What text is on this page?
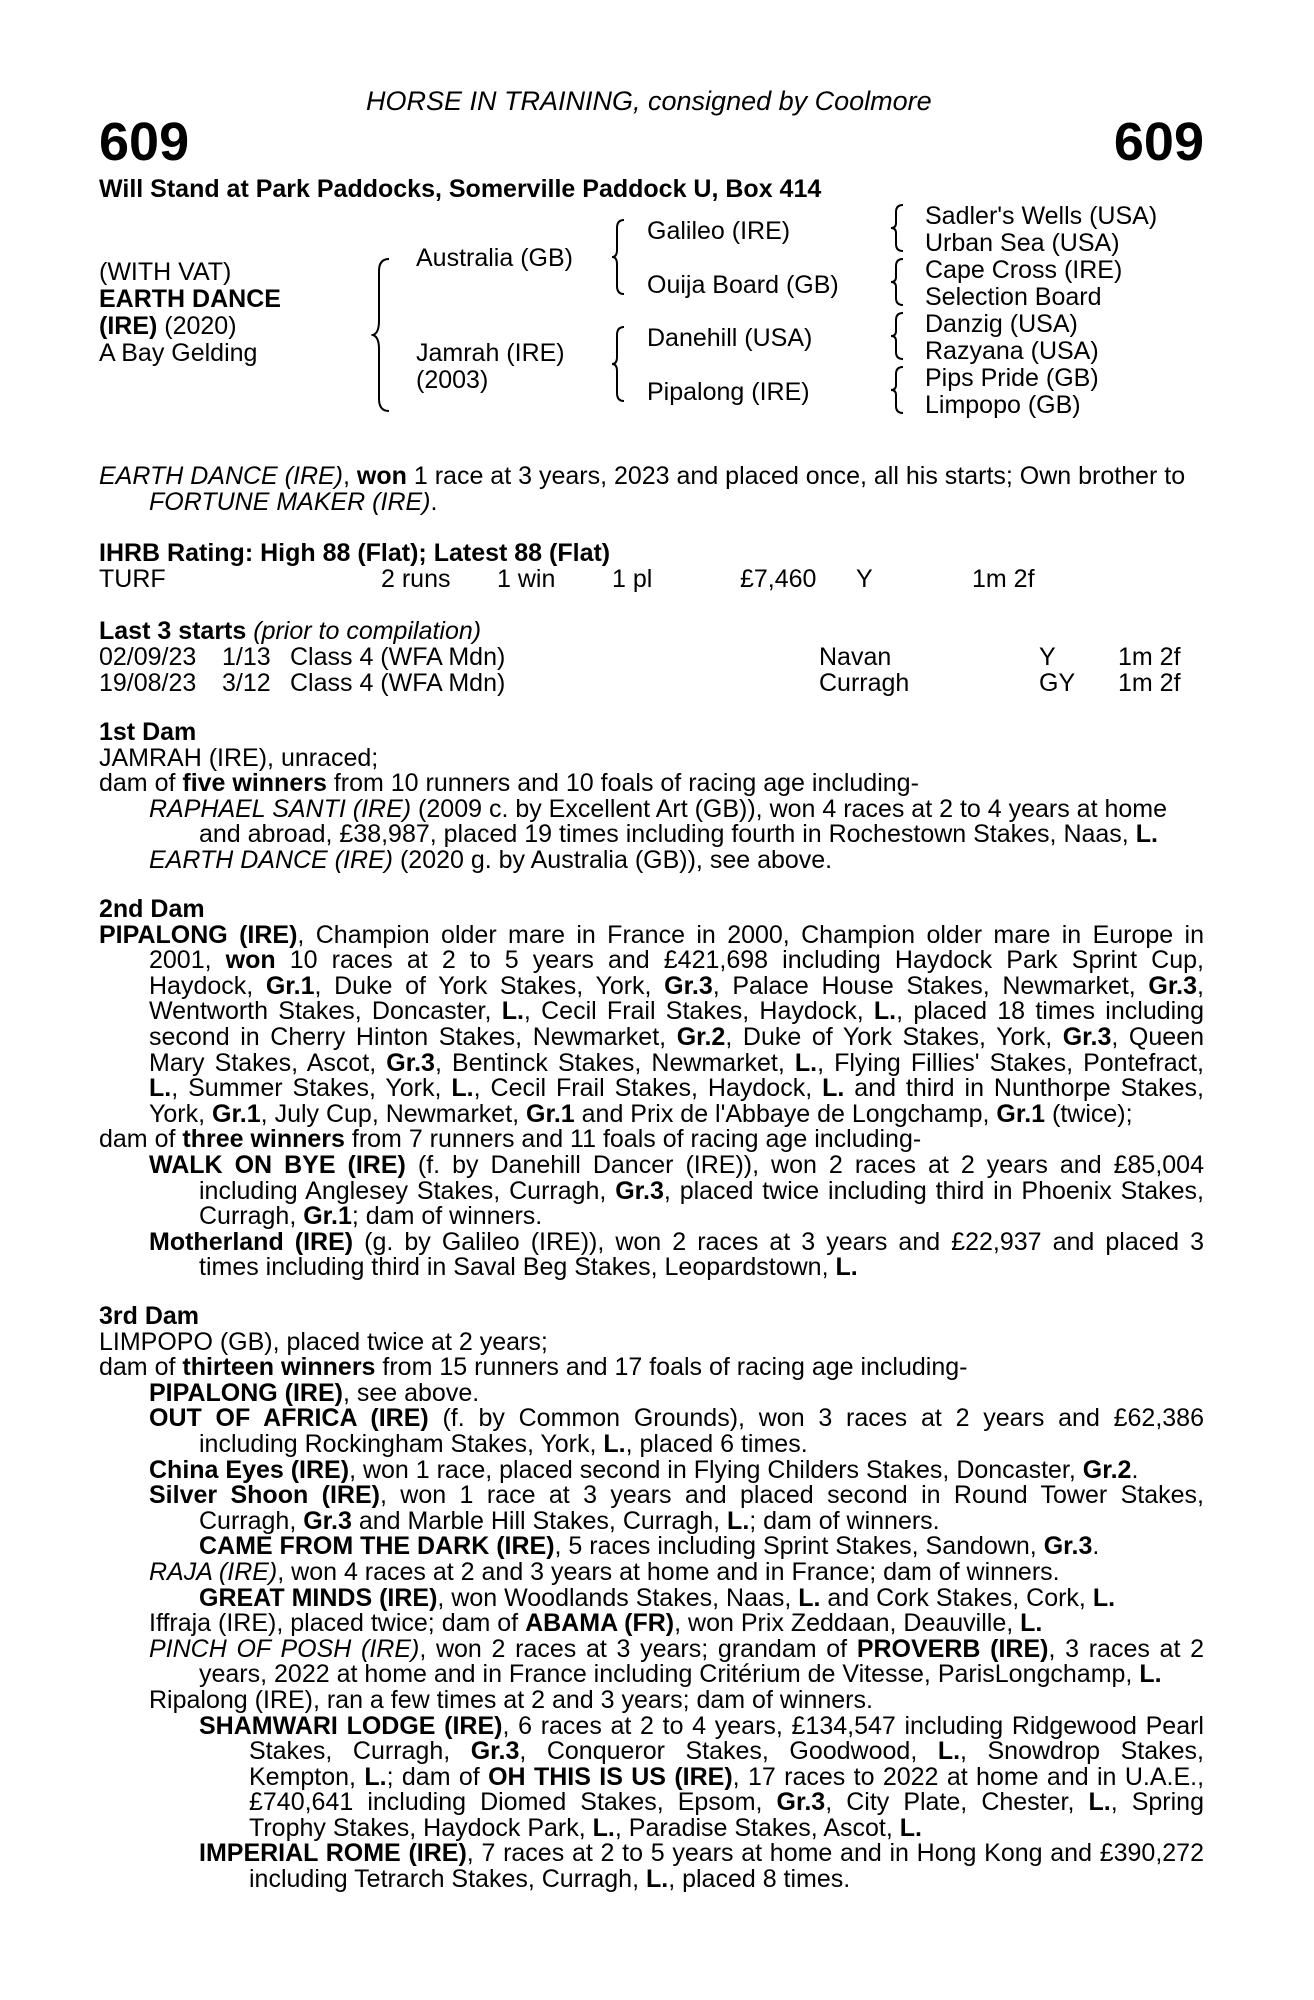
HORSE IN TRAINING, consigned by Coolmore
609	609
Will Stand at Park Paddocks, Somerville Paddock U, Box 414
(WITH VAT)
EARTH DANCE
(IRE) (2020)
A Bay Gelding
Australia (GB)
Jamrah (IRE)
(2003)
Galileo (IRE)
Ouija Board (GB)
Danehill (USA)
Pipalong (IRE)
Sadler's Wells (USA)
Urban Sea (USA)
Cape Cross (IRE)
Selection Board
Danzig (USA)
Razyana (USA)
Pips Pride (GB)
Limpopo (GB)

EARTH DANCE (IRE), won 1 race at 3 years, 2023 and placed once, all his starts; Own brother to FORTUNE MAKER (IRE).

IHRB Rating: High 88 (Flat); Latest 88 (Flat)
TURF	2 runs 1 win 1 pl	£7,460 Y	1m 2f
Last 3 starts (prior to compilation)
02/09/23 1/13 Class 4 (WFA Mdn)	Navan	Y 1m 2f
19/08/23 3/12 Class 4 (WFA Mdn)	Curragh	GY 1m 2f
1st Dam
JAMRAH (IRE), unraced;
dam of five winners from 10 runners and 10 foals of racing age including-
RAPHAEL SANTI (IRE) (2009 c. by Excellent Art (GB)), won 4 races at 2 to 4 years at home and abroad, £38,987, placed 19 times including fourth in Rochestown Stakes, Naas, L.
EARTH DANCE (IRE) (2020 g. by Australia (GB)), see above.
2nd Dam
PIPALONG (IRE), Champion older mare in France in 2000, Champion older mare in Europe in 2001, won 10 races at 2 to 5 years and £421,698 including Haydock Park Sprint Cup, Haydock, Gr.1, Duke of York Stakes, York, Gr.3, Palace House Stakes, Newmarket, Gr.3, Wentworth Stakes, Doncaster, L., Cecil Frail Stakes, Haydock, L., placed 18 times including second in Cherry Hinton Stakes, Newmarket, Gr.2, Duke of York Stakes, York, Gr.3, Queen Mary Stakes, Ascot, Gr.3, Bentinck Stakes, Newmarket, L., Flying Fillies' Stakes, Pontefract, L., Summer Stakes, York, L., Cecil Frail Stakes, Haydock, L. and third in Nunthorpe Stakes, York, Gr.1, July Cup, Newmarket, Gr.1 and Prix de l'Abbaye de Longchamp, Gr.1 (twice);
dam of three winners from 7 runners and 11 foals of racing age including-
WALK ON BYE (IRE) (f. by Danehill Dancer (IRE)), won 2 races at 2 years and £85,004 including Anglesey Stakes, Curragh, Gr.3, placed twice including third in Phoenix Stakes, Curragh, Gr.1; dam of winners.
Motherland (IRE) (g. by Galileo (IRE)), won 2 races at 3 years and £22,937 and placed 3 times including third in Saval Beg Stakes, Leopardstown, L.
3rd Dam
LIMPOPO (GB), placed twice at 2 years;
dam of thirteen winners from 15 runners and 17 foals of racing age including-
PIPALONG (IRE), see above.
OUT OF AFRICA (IRE) (f. by Common Grounds), won 3 races at 2 years and £62,386 including Rockingham Stakes, York, L., placed 6 times.
China Eyes (IRE), won 1 race, placed second in Flying Childers Stakes, Doncaster, Gr.2.
Silver Shoon (IRE), won 1 race at 3 years and placed second in Round Tower Stakes, Curragh, Gr.3 and Marble Hill Stakes, Curragh, L.; dam of winners.
CAME FROM THE DARK (IRE), 5 races including Sprint Stakes, Sandown, Gr.3.
RAJA (IRE), won 4 races at 2 and 3 years at home and in France; dam of winners.
GREAT MINDS (IRE), won Woodlands Stakes, Naas, L. and Cork Stakes, Cork, L.
Iffraja (IRE), placed twice; dam of ABAMA (FR), won Prix Zeddaan, Deauville, L.
PINCH OF POSH (IRE), won 2 races at 3 years; grandam of PROVERB (IRE), 3 races at 2 years, 2022 at home and in France including Critérium de Vitesse, ParisLongchamp, L.
Ripalong (IRE), ran a few times at 2 and 3 years; dam of winners.
SHAMWARI LODGE (IRE), 6 races at 2 to 4 years, £134,547 including Ridgewood Pearl Stakes, Curragh, Gr.3, Conqueror Stakes, Goodwood, L., Snowdrop Stakes, Kempton, L.; dam of OH THIS IS US (IRE), 17 races to 2022 at home and in U.A.E., £740,641 including Diomed Stakes, Epsom, Gr.3, City Plate, Chester, L., Spring Trophy Stakes, Haydock Park, L., Paradise Stakes, Ascot, L.
IMPERIAL ROME (IRE), 7 races at 2 to 5 years at home and in Hong Kong and £390,272 including Tetrarch Stakes, Curragh, L., placed 8 times.
